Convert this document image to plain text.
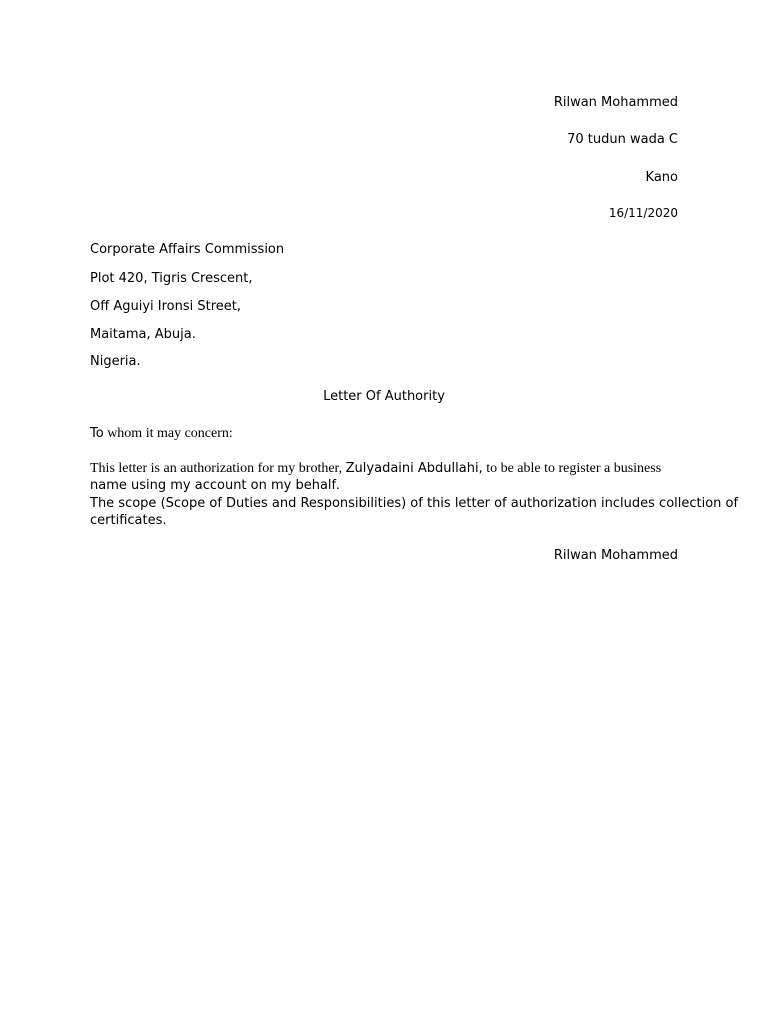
Rilwan Mohammed
70 tudun wada C
Kano
16/11/2020
Corporate Affairs Commission
Plot 420, Tigris Crescent,
Off Aguiyi Ironsi Street,
Maitama, Abuja.
Nigeria.
Letter Of Authority
To whom it may concern:
This letter is an authorization for my brother, Zulyadaini Abdullahi, to be able to register a business
name using my account on my behalf.
The scope (Scope of Duties and Responsibilities) of this letter of authorization includes collection of
certificates.
Rilwan Mohammed
